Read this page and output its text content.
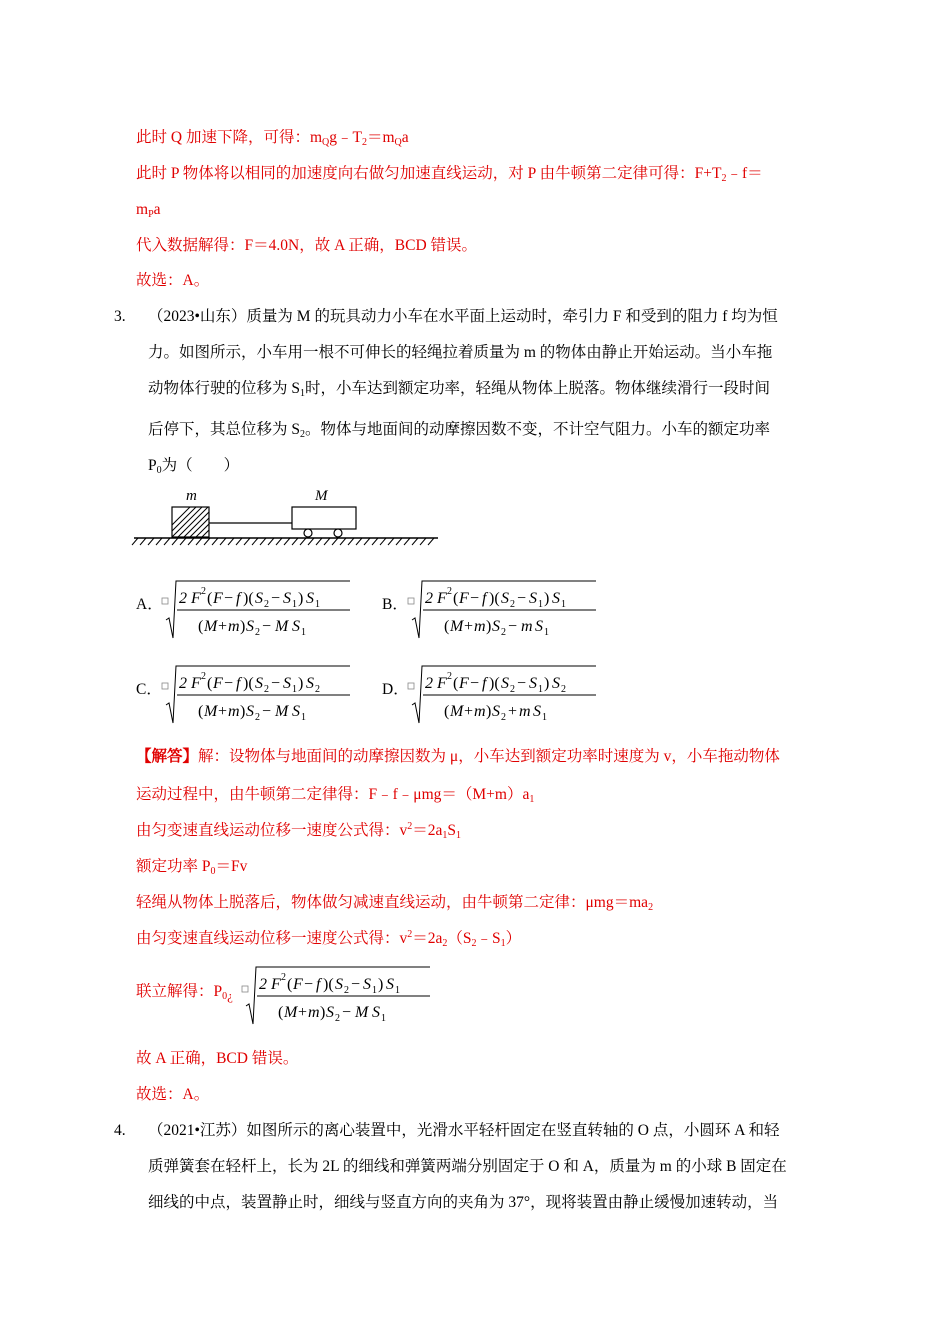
此时 Q 加速下降，可得：$m_Qg﹣T_2=m_Qa$
此时 P 物体将以相同的加速度向右做匀加速直线运动，对 P 由牛顿第二定律可得：$F+T_2﹣f=$
$m_Pa$
代入数据解得：F＝4.0N，故 A 正确，BCD 错误。
故选：A。
3. （2023•山东）质量为 M 的玩具动力小车在水平面上运动时，牵引力 F 和受到的阻力 f 均为恒
力。如图所示，小车用一根不可伸长的轻绳拉着质量为 m 的物体由静止开始运动。当小车拖
动物体行驶的位移为 $S_1$时，小车达到额定功率，轻绳从物体上脱落。物体继续滑行一段时间
后停下，其总位移为 $S_2$。物体与地面间的动摩擦因数不变，不计空气阻力。小车的额定功率
$P_0$为（　　）
m	M
A． 2 F2(F− f )(S2 − S1) S1
(M+m)S2 − M S1
B． 2 F2(F− f )(S2 − S1) S1
(M+m)S2 − m S1
C． 2 F2(F− f )(S2 − S1) S2
(M+m)S2 − M S1
D． 2 F2(F− f )(S2 − S1) S2
(M+m)S2 + m S1
【解答】解：设物体与地面间的动摩擦因数为 μ，小车达到额定功率时速度为 v，小车拖动物体
运动过程中，由牛顿第二定律得：$F﹣f﹣\mu mg=(M+m)a_1$
由匀变速直线运动位移一速度公式得：$v^2=2a_1S_1$
额定功率 $P_0=Fv$
轻绳从物体上脱落后，物体做匀减速直线运动，由牛顿第二定律：$\mu mg=ma_2$
由匀变速直线运动位移一速度公式得：$v^2=2a_2(S_2﹣S_1)$
联立解得：$P_{0¿}$
2 F2(F− f )(S2 − S1) S1
(M+m)S2 − M S1
故 A 正确，BCD 错误。
故选：A。
4. （2021•江苏）如图所示的离心装置中，光滑水平轻杆固定在竖直转轴的 O 点，小圆环 A 和轻
质弹簧套在轻杆上，长为 2L 的细线和弹簧两端分别固定于 O 和 A，质量为 m 的小球 B 固定在
细线的中点，装置静止时，细线与竖直方向的夹角为 37°，现将装置由静止缓慢加速转动，当
